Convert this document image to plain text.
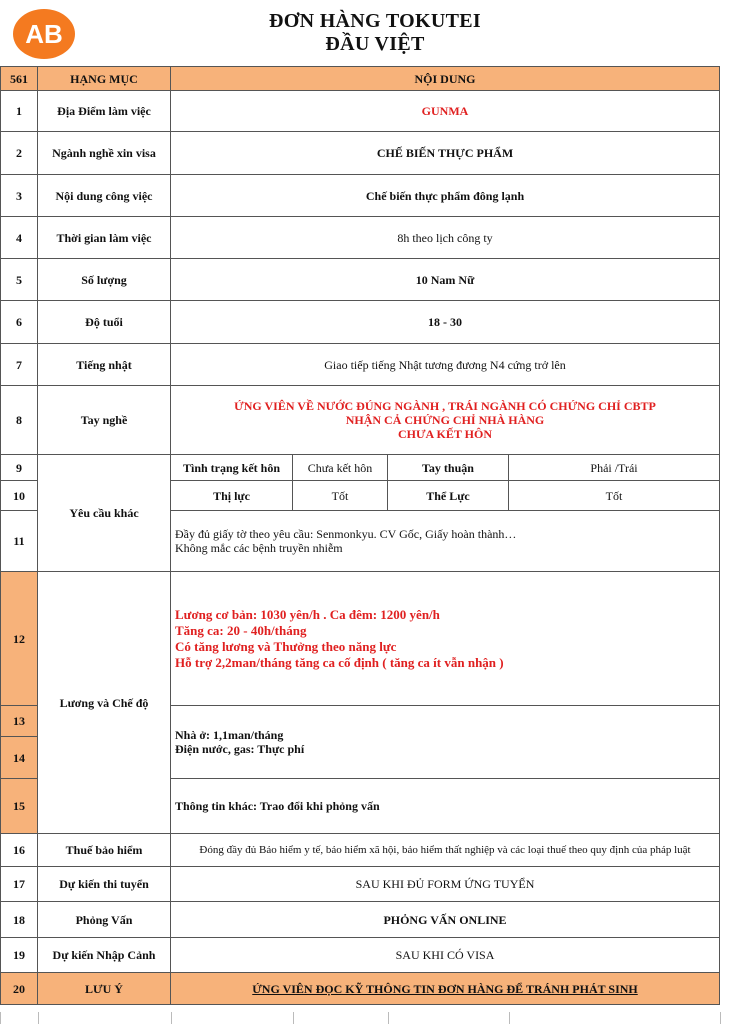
AB	ĐƠN HÀNG TOKUTEI
ĐẦU VIỆT
561	HẠNG MỤC	NỘI DUNG			
1	Địa Điểm làm việc	GUNMA			
2	Ngành nghề xin visa	CHẾ BIẾN THỰC PHẨM			
3	Nội dung công việc	Chế biến thực phẩm đông lạnh			
4	Thời gian làm việc	8h theo lịch công ty			
5	Số lượng	10 Nam Nữ			
6	Độ tuổi	18 - 30			
7	Tiếng nhật	Giao tiếp tiếng Nhật tương đương N4 cứng trở lên			
8	Tay nghề	ỨNG VIÊN VỀ NƯỚC ĐÚNG NGÀNH , TRÁI NGÀNH CÓ CHỨNG CHỈ CBTP
NHẬN CẢ CHỨNG CHỈ NHÀ HÀNG
CHƯA KẾT HÔN			

9	Yêu cầu khác	Tình trạng kết hôn	Chưa kết hôn	Tay thuận	Phải /Trái
10		Thị lực	Tốt	Thể Lực	Tốt
11		Đầy đủ giấy tờ theo yêu cầu: Senmonkyu. CV Gốc, Giấy hoàn thành…
Không mắc các bệnh truyền nhiễm			

12	Lương và Chế độ	Lương cơ bản: 1030 yên/h . Ca đêm: 1200 yên/h
Tăng ca: 20 - 40h/tháng
Có tăng lương và Thưởng theo năng lực
Hỗ trợ 2,2man/tháng tăng ca cố định ( tăng ca ít vẫn nhận )			

13		Nhà ở: 1,1man/tháng
Điện nước, gas: Thực phí			

14					
15		Thông tin khác: Trao đổi khi phỏng vấn			
16	Thuế bảo hiểm	Đóng đầy đủ Bảo hiểm y tế, bảo hiểm xã hội, bảo hiểm thất nghiệp và các loại thuế theo quy định của pháp luật			
17	Dự kiến thi tuyển	SAU KHI ĐỦ FORM ỨNG TUYỂN			
18	Phỏng Vấn	PHỎNG VẤN ONLINE			
19	Dự kiến Nhập Cảnh	SAU KHI CÓ VISA			
20	LƯU Ý	ỨNG VIÊN ĐỌC KỸ THÔNG TIN ĐƠN HÀNG ĐỂ TRÁNH PHÁT SINH			
